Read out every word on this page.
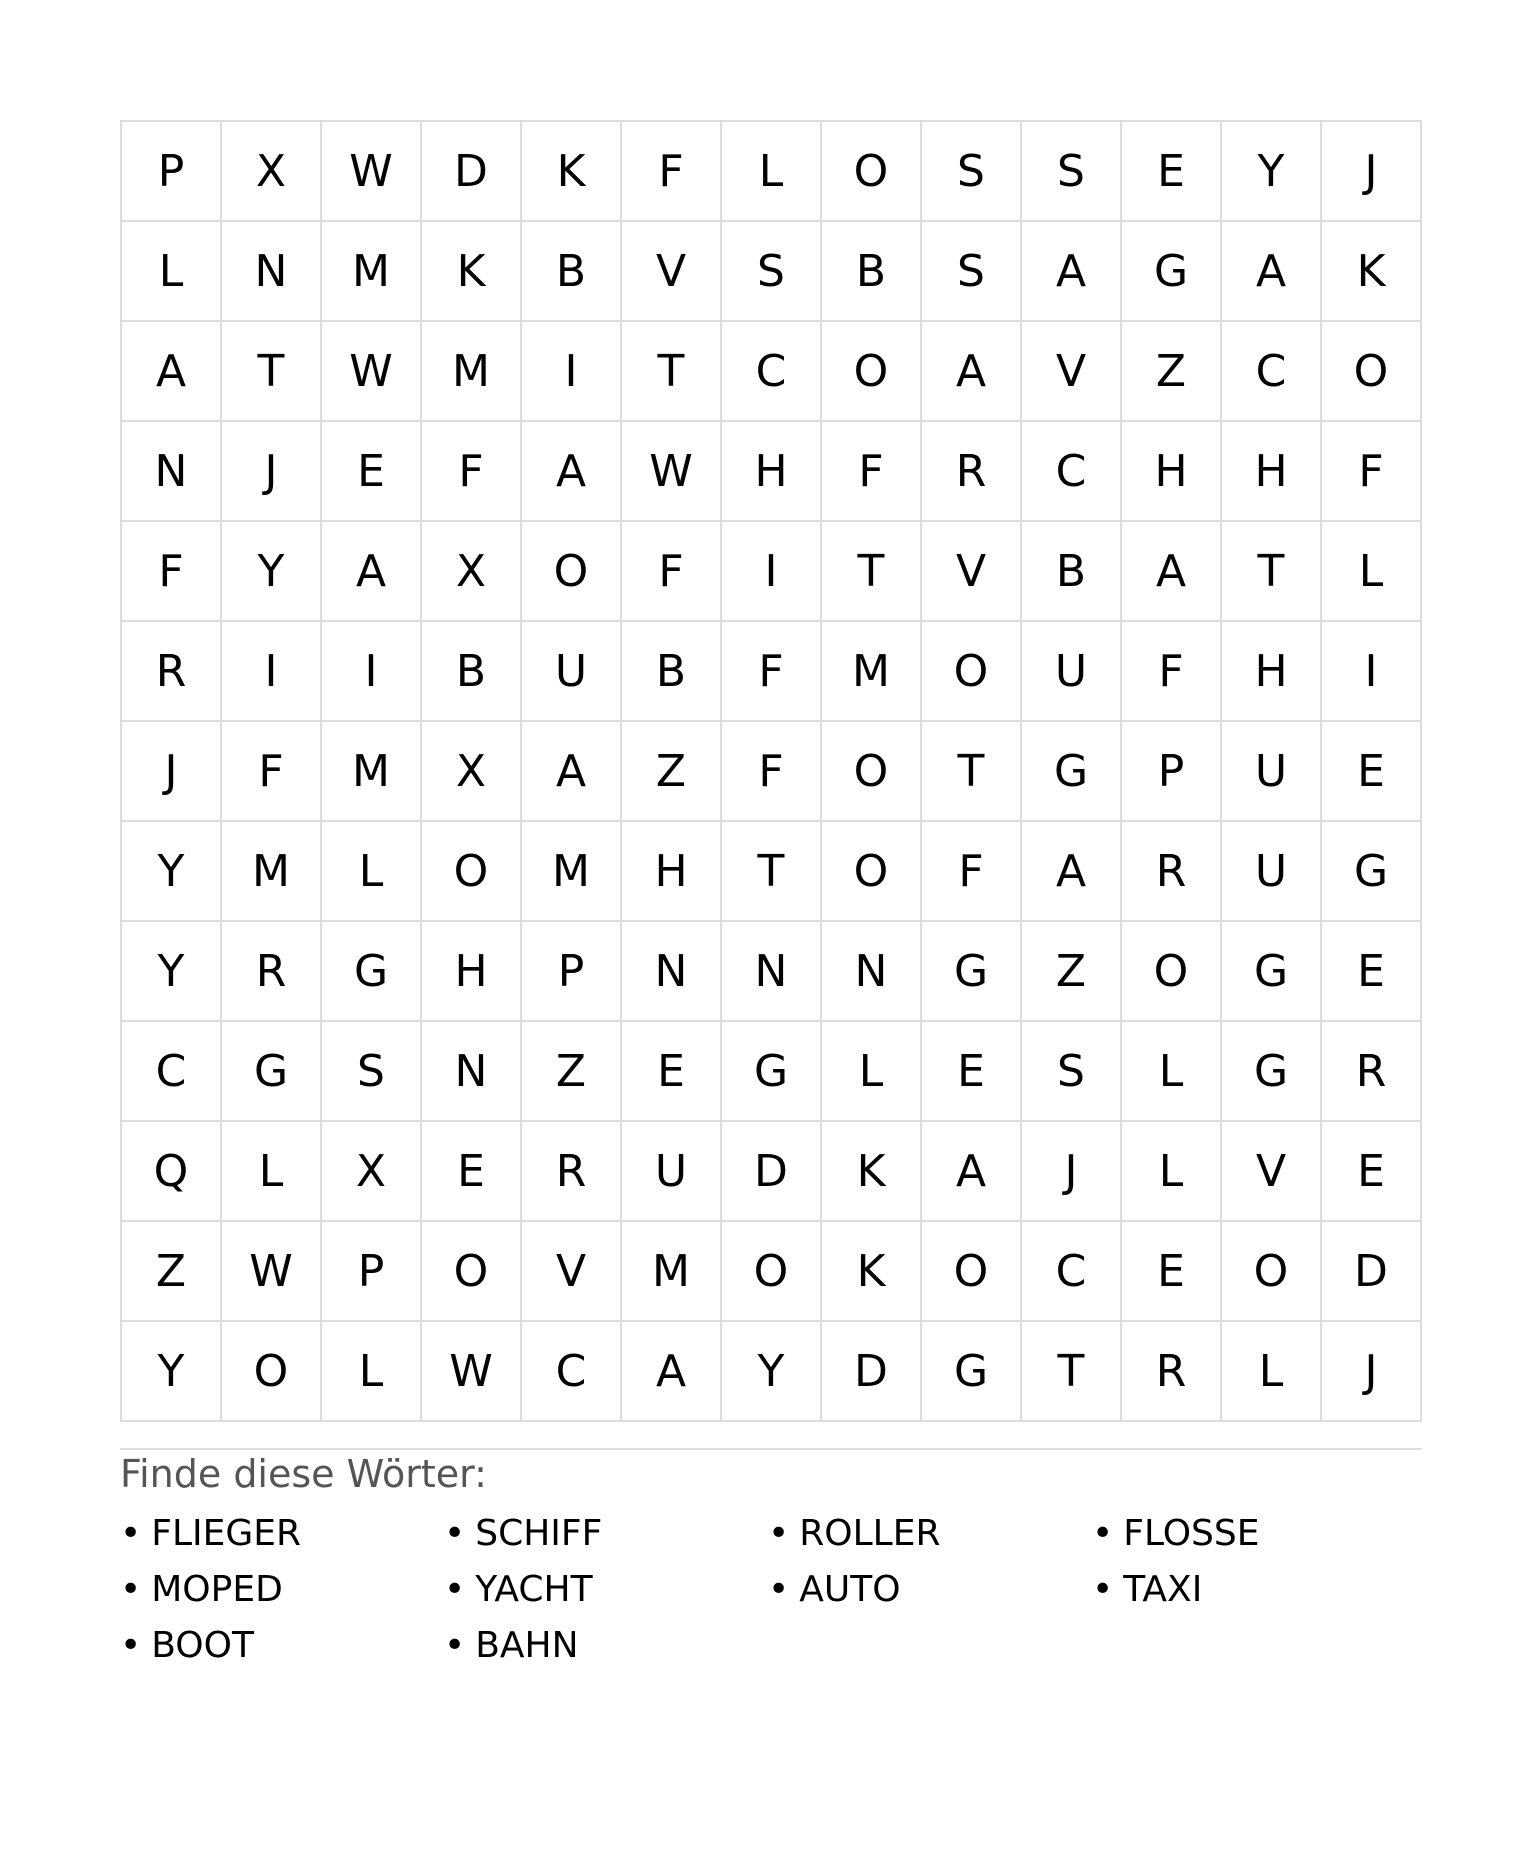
P	X	W	D	K	F	L	O	S	S	E	Y	J
L	N	M	K	B	V	S	B	S	A	G	A	K
A	T	W	M	I	T	C	O	A	V	Z	C	O
N	J	E	F	A	W	H	F	R	C	H	H	F
F	Y	A	X	O	F	I	T	V	B	A	T	L
R	I	I	B	U	B	F	M	O	U	F	H	I
J	F	M	X	A	Z	F	O	T	G	P	U	E
Y	M	L	O	M	H	T	O	F	A	R	U	G
Y	R	G	H	P	N	N	N	G	Z	O	G	E
C	G	S	N	Z	E	G	L	E	S	L	G	R
Q	L	X	E	R	U	D	K	A	J	L	V	E
Z	W	P	O	V	M	O	K	O	C	E	O	D
Y	O	L	W	C	A	Y	D	G	T	R	L	J
Finde diese Wörter:
• FLIEGER	• SCHIFF	• ROLLER	• FLOSSE
• MOPED	• YACHT	• AUTO	• TAXI
• BOOT	• BAHN
